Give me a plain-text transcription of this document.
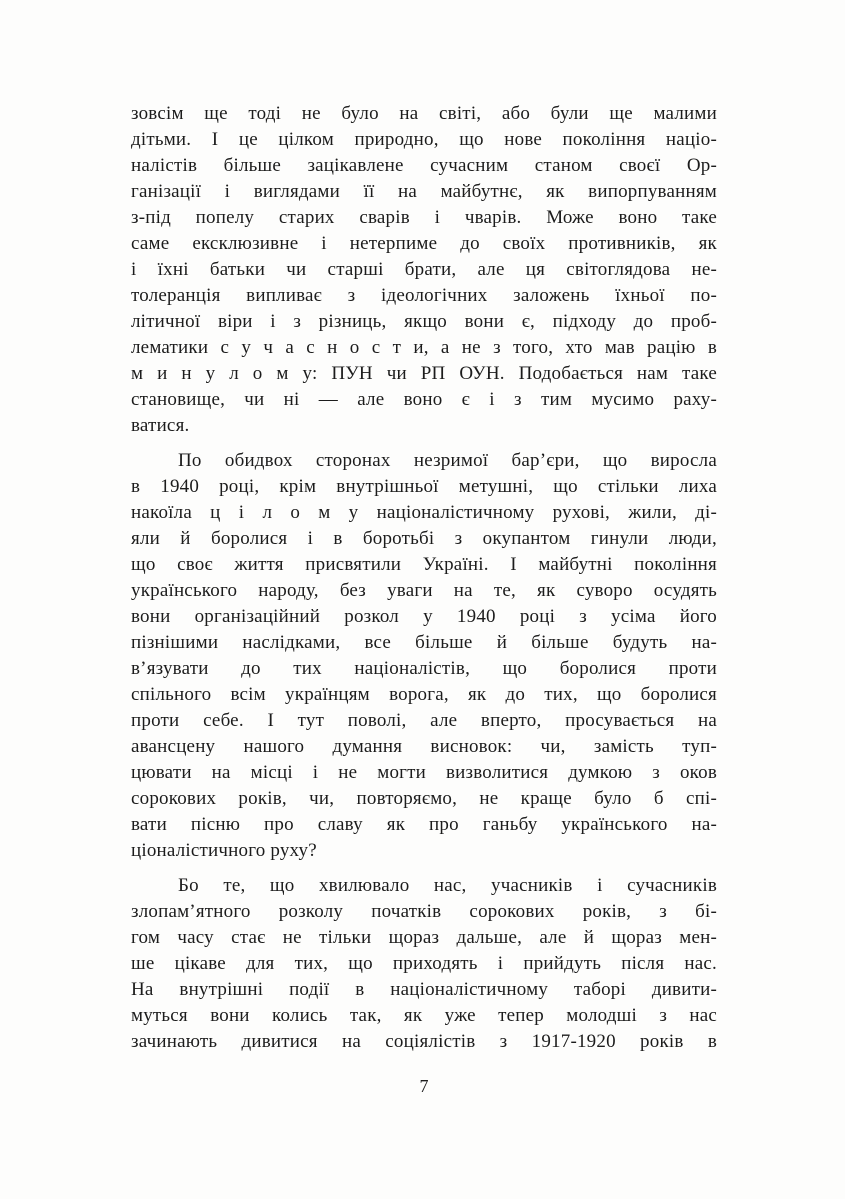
зовсім ще тоді не було на світі, або були ще малими
дітьми. І це цілком природно, що нове покоління націо-
налістів більше зацікавлене сучасним станом своєї Ор-
ганізації і виглядами її на майбутнє, як випорпуванням
з-під попелу старих сварів і чварів. Може воно таке
саме ексклюзивне і нетерпиме до своїх противників, як
і їхні батьки чи старші брати, але ця світоглядова не-
толеранція випливає з ідеологічних заложень їхньої по-
літичної віри і з різниць, якщо вони є, підходу до проб-
лематики с у ч а с н о с т и, а не з того, хто мав рацію в
м и н у л о м у: ПУН чи РП ОУН. Подобається нам таке
становище, чи ні — але воно є і з тим мусимо раху-
ватися.
По обидвох сторонах незримої бар’єри, що виросла
в 1940 році, крім внутрішньої метушні, що стільки лиха
накоїла ц і л о м у націоналістичному рухові, жили, ді-
яли й боролися і в боротьбі з окупантом гинули люди,
що своє життя присвятили Україні. І майбутні покоління
українського народу, без уваги на те, як суворо осудять
вони організаційний розкол у 1940 році з усіма його
пізнішими наслідками, все більше й більше будуть на-
в’язувати до тих націоналістів, що боролися проти
спільного всім українцям ворога, як до тих, що боролися
проти себе. І тут поволі, але вперто, просувається на
авансцену нашого думання висновок: чи, замість туп-
цювати на місці і не могти визволитися думкою з оков
сорокових років, чи, повторяємо, не краще було б спі-
вати пісню про славу як про ганьбу українського на-
ціоналістичного руху?
Бо те, що хвилювало нас, учасників і сучасників
злопам’ятного розколу початків сорокових років, з бі-
гом часу стає не тільки щораз дальше, але й щораз мен-
ше цікаве для тих, що приходять і прийдуть після нас.
На внутрішні події в націоналістичному таборі дивити-
муться вони колись так, як уже тепер молодші з нас
зачинають дивитися на соціялістів з 1917-1920 років в
7
